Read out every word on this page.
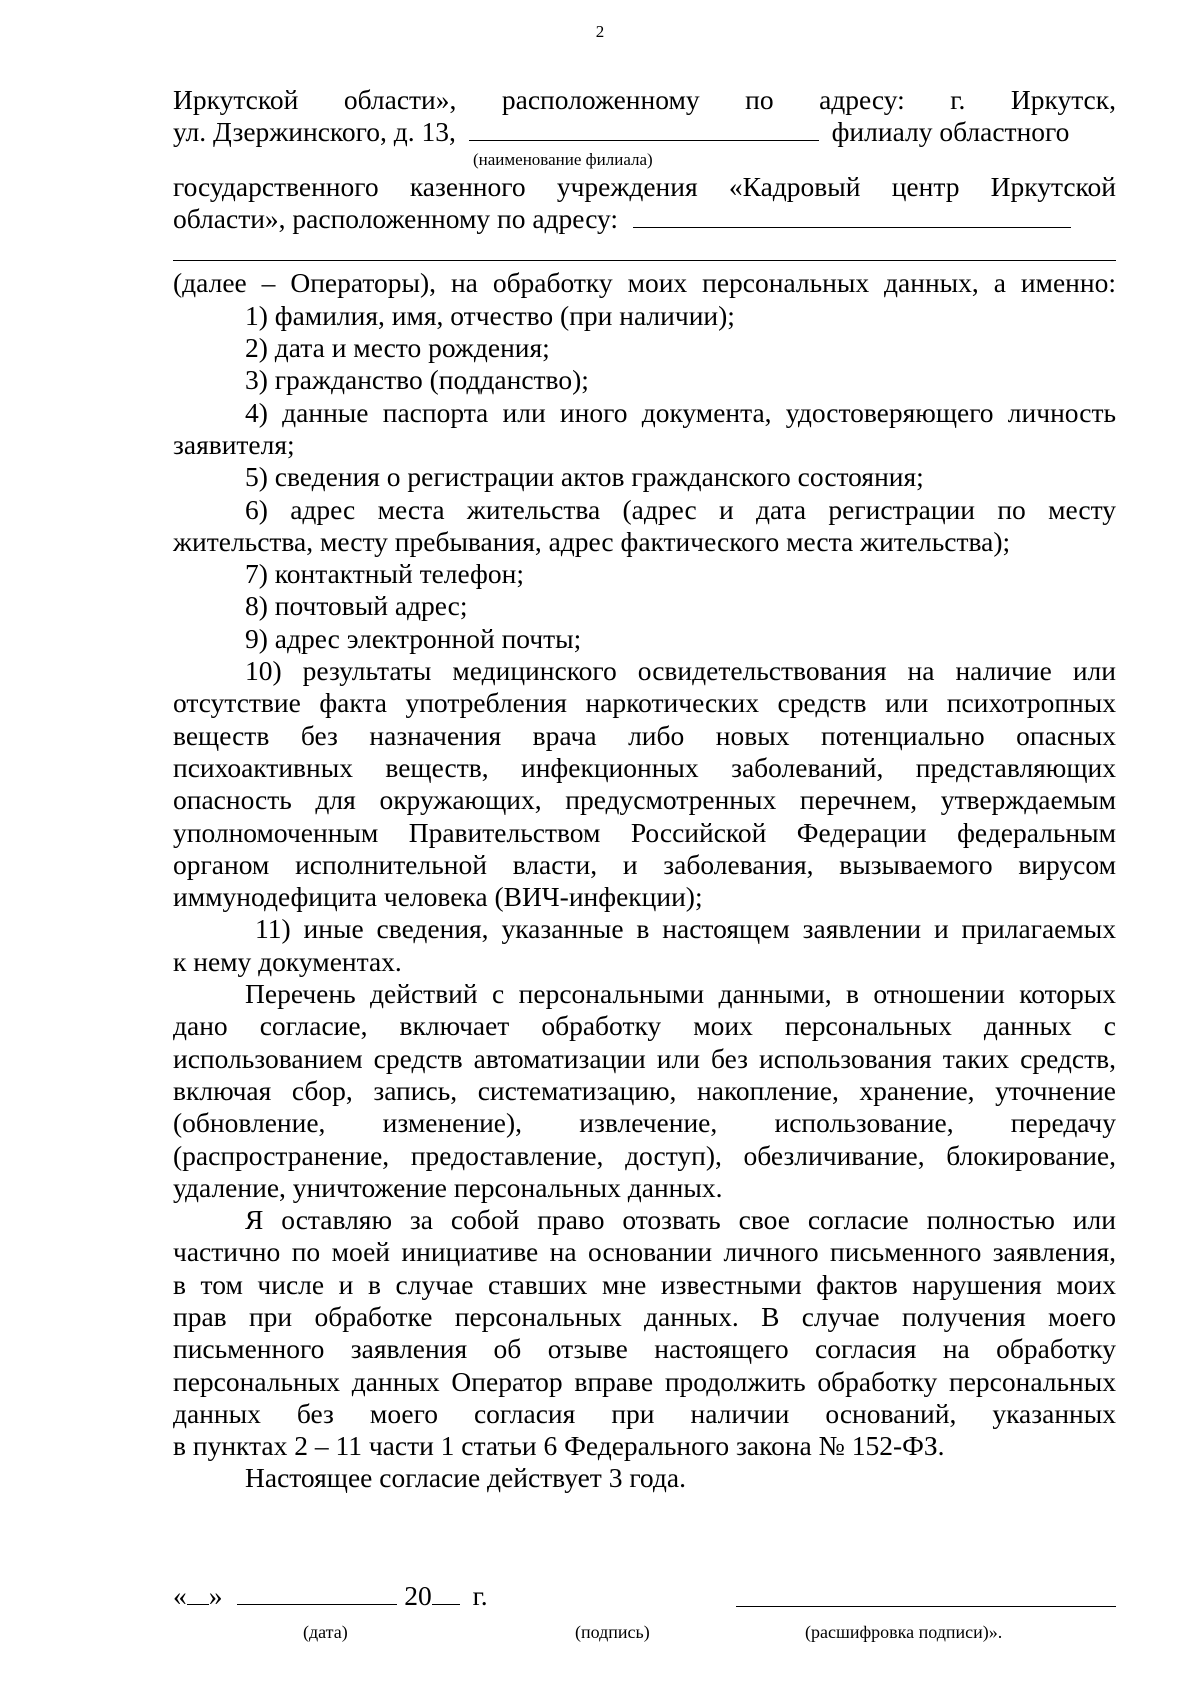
2
Иркутской области», расположенному по адресу: г. Иркутск,
ул. Дзержинского, д. 13,	филиалу областного
(наименование филиала)
государственного казенного учреждения «Кадровый центр Иркутской
области», расположенному по адресу:
(далее – Операторы), на обработку моих персональных данных, а именно:
1) фамилия, имя, отчество (при наличии);
2) дата и место рождения;
3) гражданство (подданство);
4) данные паспорта или иного документа, удостоверяющего личность
заявителя;
5) сведения о регистрации актов гражданского состояния;
6) адрес места жительства (адрес и дата регистрации по месту
жительства, месту пребывания, адрес фактического места жительства);
7) контактный телефон;
8) почтовый адрес;
9) адрес электронной почты;
10) результаты медицинского освидетельствования на наличие или
отсутствие факта употребления наркотических средств или психотропных
веществ без назначения врача либо новых потенциально опасных
психоактивных веществ, инфекционных заболеваний, представляющих
опасность для окружающих, предусмотренных перечнем, утверждаемым
уполномоченным Правительством Российской Федерации федеральным
органом исполнительной власти, и заболевания, вызываемого вирусом
иммунодефицита человека (ВИЧ-инфекции);
11) иные сведения, указанные в настоящем заявлении и прилагаемых
к нему документах.
Перечень действий с персональными данными, в отношении которых
дано согласие, включает обработку моих персональных данных с
использованием средств автоматизации или без использования таких средств,
включая сбор, запись, систематизацию, накопление, хранение, уточнение
(обновление, изменение), извлечение, использование, передачу
(распространение, предоставление, доступ), обезличивание, блокирование,
удаление, уничтожение персональных данных.
Я оставляю за собой право отозвать свое согласие полностью или
частично по моей инициативе на основании личного письменного заявления,
в том числе и в случае ставших мне известными фактов нарушения моих
прав при обработке персональных данных. В случае получения моего
письменного заявления об отзыве настоящего согласия на обработку
персональных данных Оператор вправе продолжить обработку персональных
данных без моего согласия при наличии оснований, указанных
в пунктах 2 – 11 части 1 статьи 6 Федерального закона № 152-ФЗ.
Настоящее согласие действует 3 года.
« »	20 г.
(дата)	(подпись)	(расшифровка подписи)».
